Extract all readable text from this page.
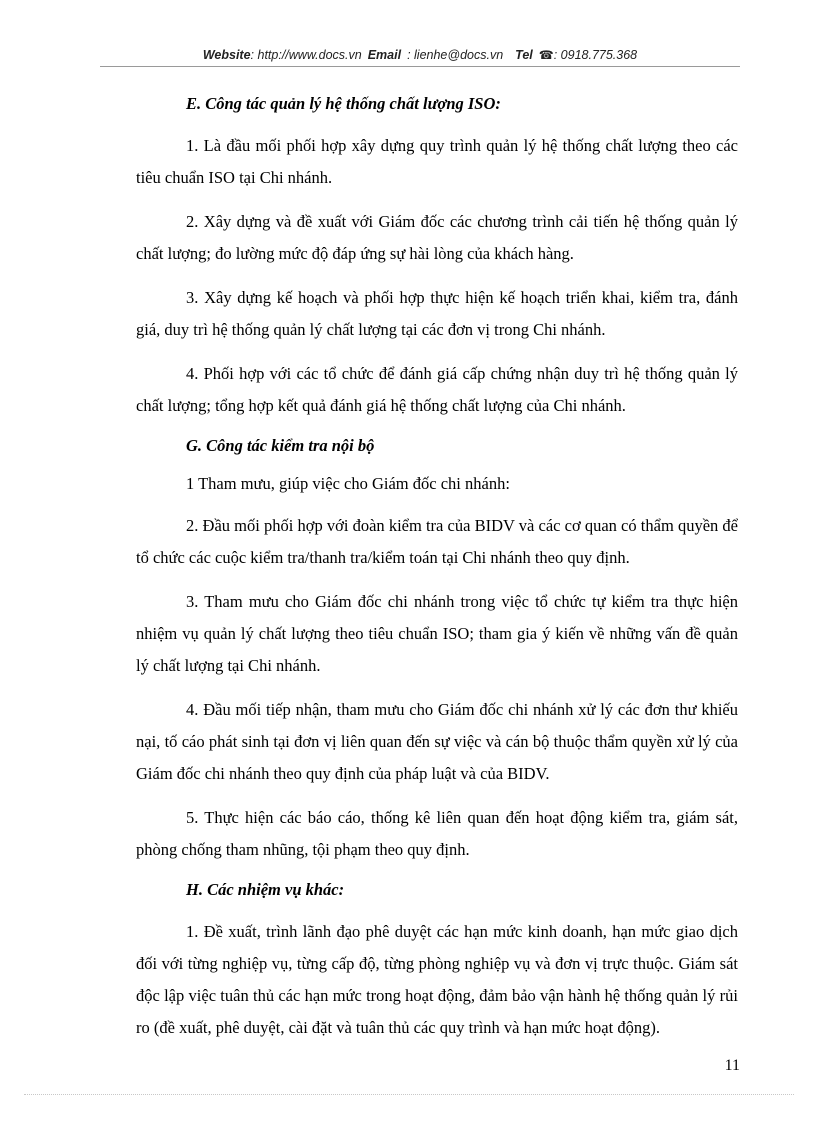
Website: http://www.docs.vn Email : lienhe@docs.vn Tel ☎: 0918.775.368
E. Công tác quản lý hệ thống chất lượng ISO:

1. Là đầu mối phối hợp xây dựng quy trình quản lý hệ thống chất lượng theo các tiêu chuẩn ISO tại Chi nhánh.

2. Xây dựng và đề xuất với Giám đốc các chương trình cải tiến hệ thống quản lý chất lượng; đo lường mức độ đáp ứng sự hài lòng của khách hàng.

3. Xây dựng kế hoạch và phối hợp thực hiện kế hoạch triển khai, kiểm tra, đánh giá, duy trì hệ thống quản lý chất lượng tại các đơn vị trong Chi nhánh.

4. Phối hợp với các tổ chức để đánh giá cấp chứng nhận duy trì hệ thống quản lý chất lượng; tổng hợp kết quả đánh giá hệ thống chất lượng của Chi nhánh.

G. Công tác kiểm tra nội bộ

1 Tham mưu, giúp việc cho Giám đốc chi nhánh:

2. Đầu mối phối hợp với đoàn kiểm tra của BIDV và các cơ quan có thẩm quyền để tổ chức các cuộc kiểm tra/thanh tra/kiểm toán tại Chi nhánh theo quy định.

3. Tham mưu cho Giám đốc chi nhánh trong việc tổ chức tự kiểm tra thực hiện nhiệm vụ quản lý chất lượng theo tiêu chuẩn ISO; tham gia ý kiến về những vấn đề quản lý chất lượng tại Chi nhánh.

4. Đầu mối tiếp nhận, tham mưu cho Giám đốc chi nhánh xử lý các đơn thư khiếu nại, tố cáo phát sinh tại đơn vị liên quan đến sự việc và cán bộ thuộc thẩm quyền xử lý của Giám đốc chi nhánh theo quy định của pháp luật và của BIDV.

5. Thực hiện các báo cáo, thống kê liên quan đến hoạt động kiểm tra, giám sát, phòng chống tham nhũng, tội phạm theo quy định.

H. Các nhiệm vụ khác:

1. Đề xuất, trình lãnh đạo phê duyệt các hạn mức kinh doanh, hạn mức giao dịch đối với từng nghiệp vụ, từng cấp độ, từng phòng nghiệp vụ và đơn vị trực thuộc. Giám sát độc lập việc tuân thủ các hạn mức trong hoạt động, đảm bảo vận hành hệ thống quản lý rủi ro (đề xuất, phê duyệt, cài đặt và tuân thủ các quy trình và hạn mức hoạt động).

11
